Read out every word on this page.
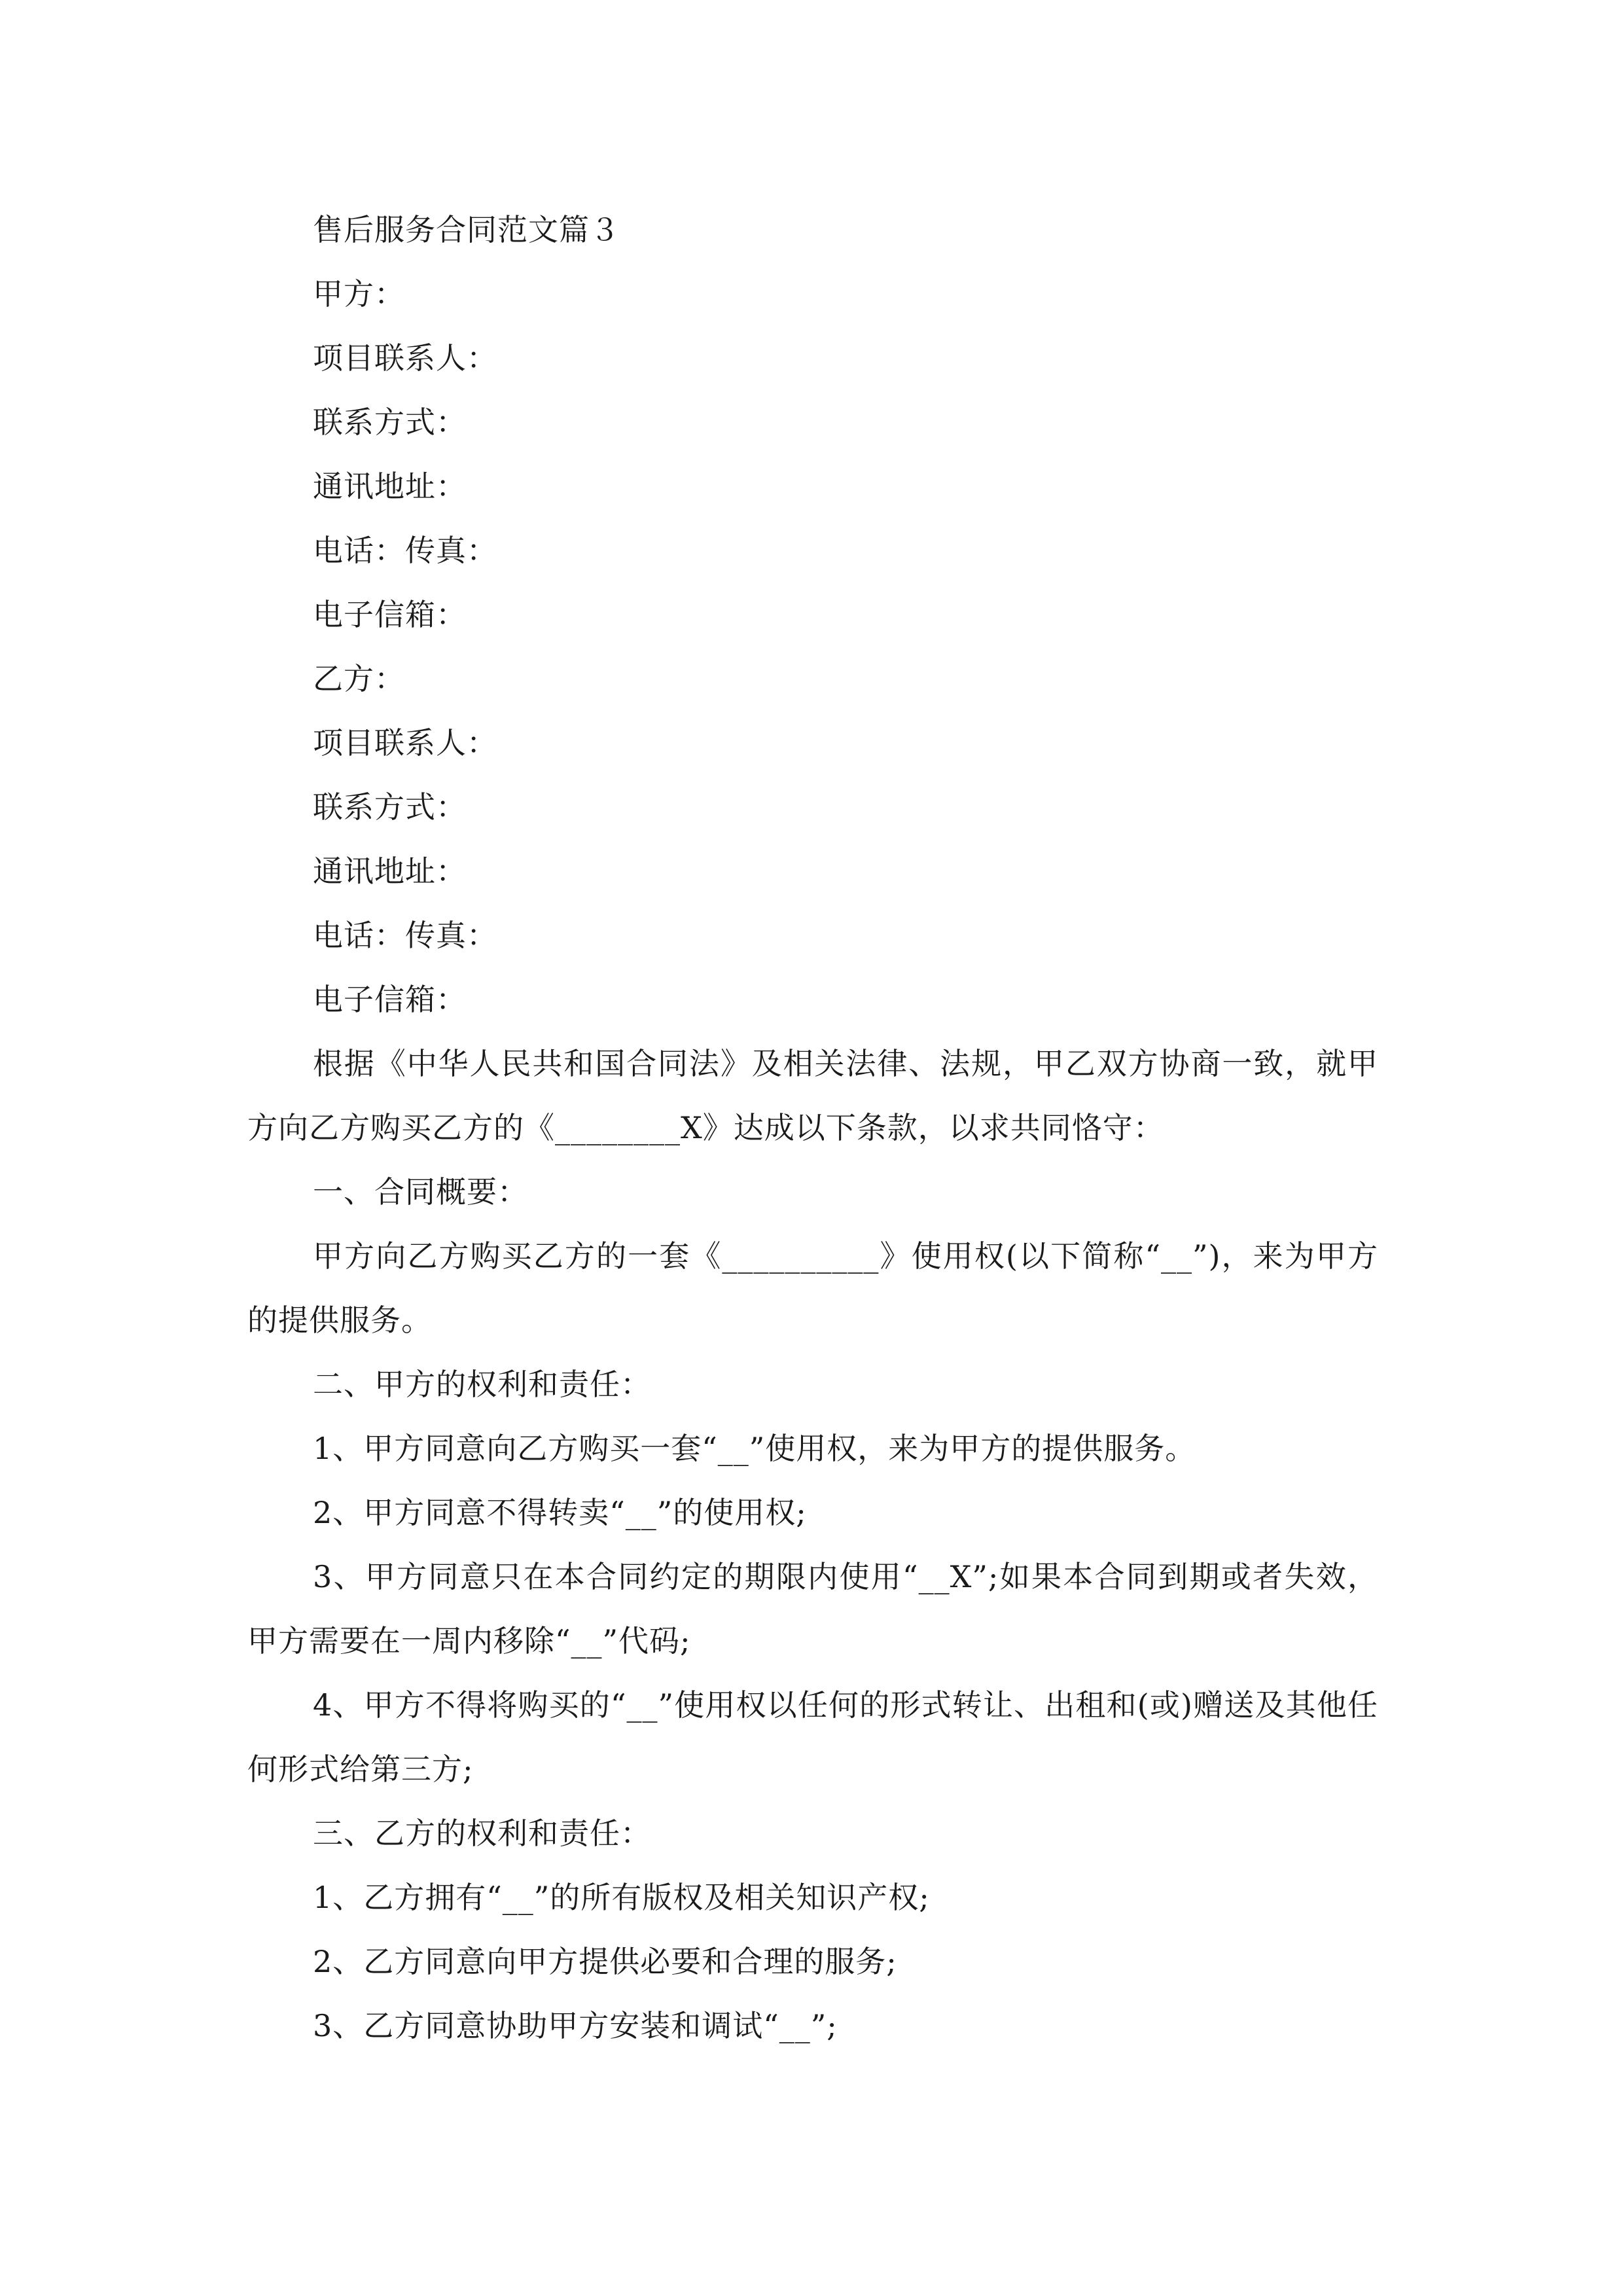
售后服务合同范文篇３
甲方：
项目联系人：
联系方式：
通讯地址：
电话：传真：
电子信箱：
乙方：
项目联系人：
联系方式：
通讯地址：
电话：传真：
电子信箱：
根据《中华人民共和国合同法》及相关法律、法规，甲乙双方协商一致，就甲方向乙方购买乙方的《________X》达成以下条款，以求共同恪守：
一、合同概要：
甲方向乙方购买乙方的一套《__________》使用权(以下简称“__”)，来为甲方的提供服务。
二、甲方的权利和责任：
1、甲方同意向乙方购买一套“__”使用权，来为甲方的提供服务。
2、甲方同意不得转卖“__”的使用权;
3、甲方同意只在本合同约定的期限内使用“__X”;如果本合同到期或者失效，甲方需要在一周内移除“__”代码;
4、甲方不得将购买的“__”使用权以任何的形式转让、出租和(或)赠送及其他任何形式给第三方;
三、乙方的权利和责任：
1、乙方拥有“__”的所有版权及相关知识产权;
2、乙方同意向甲方提供必要和合理的服务;
3、乙方同意协助甲方安装和调试“__”;
